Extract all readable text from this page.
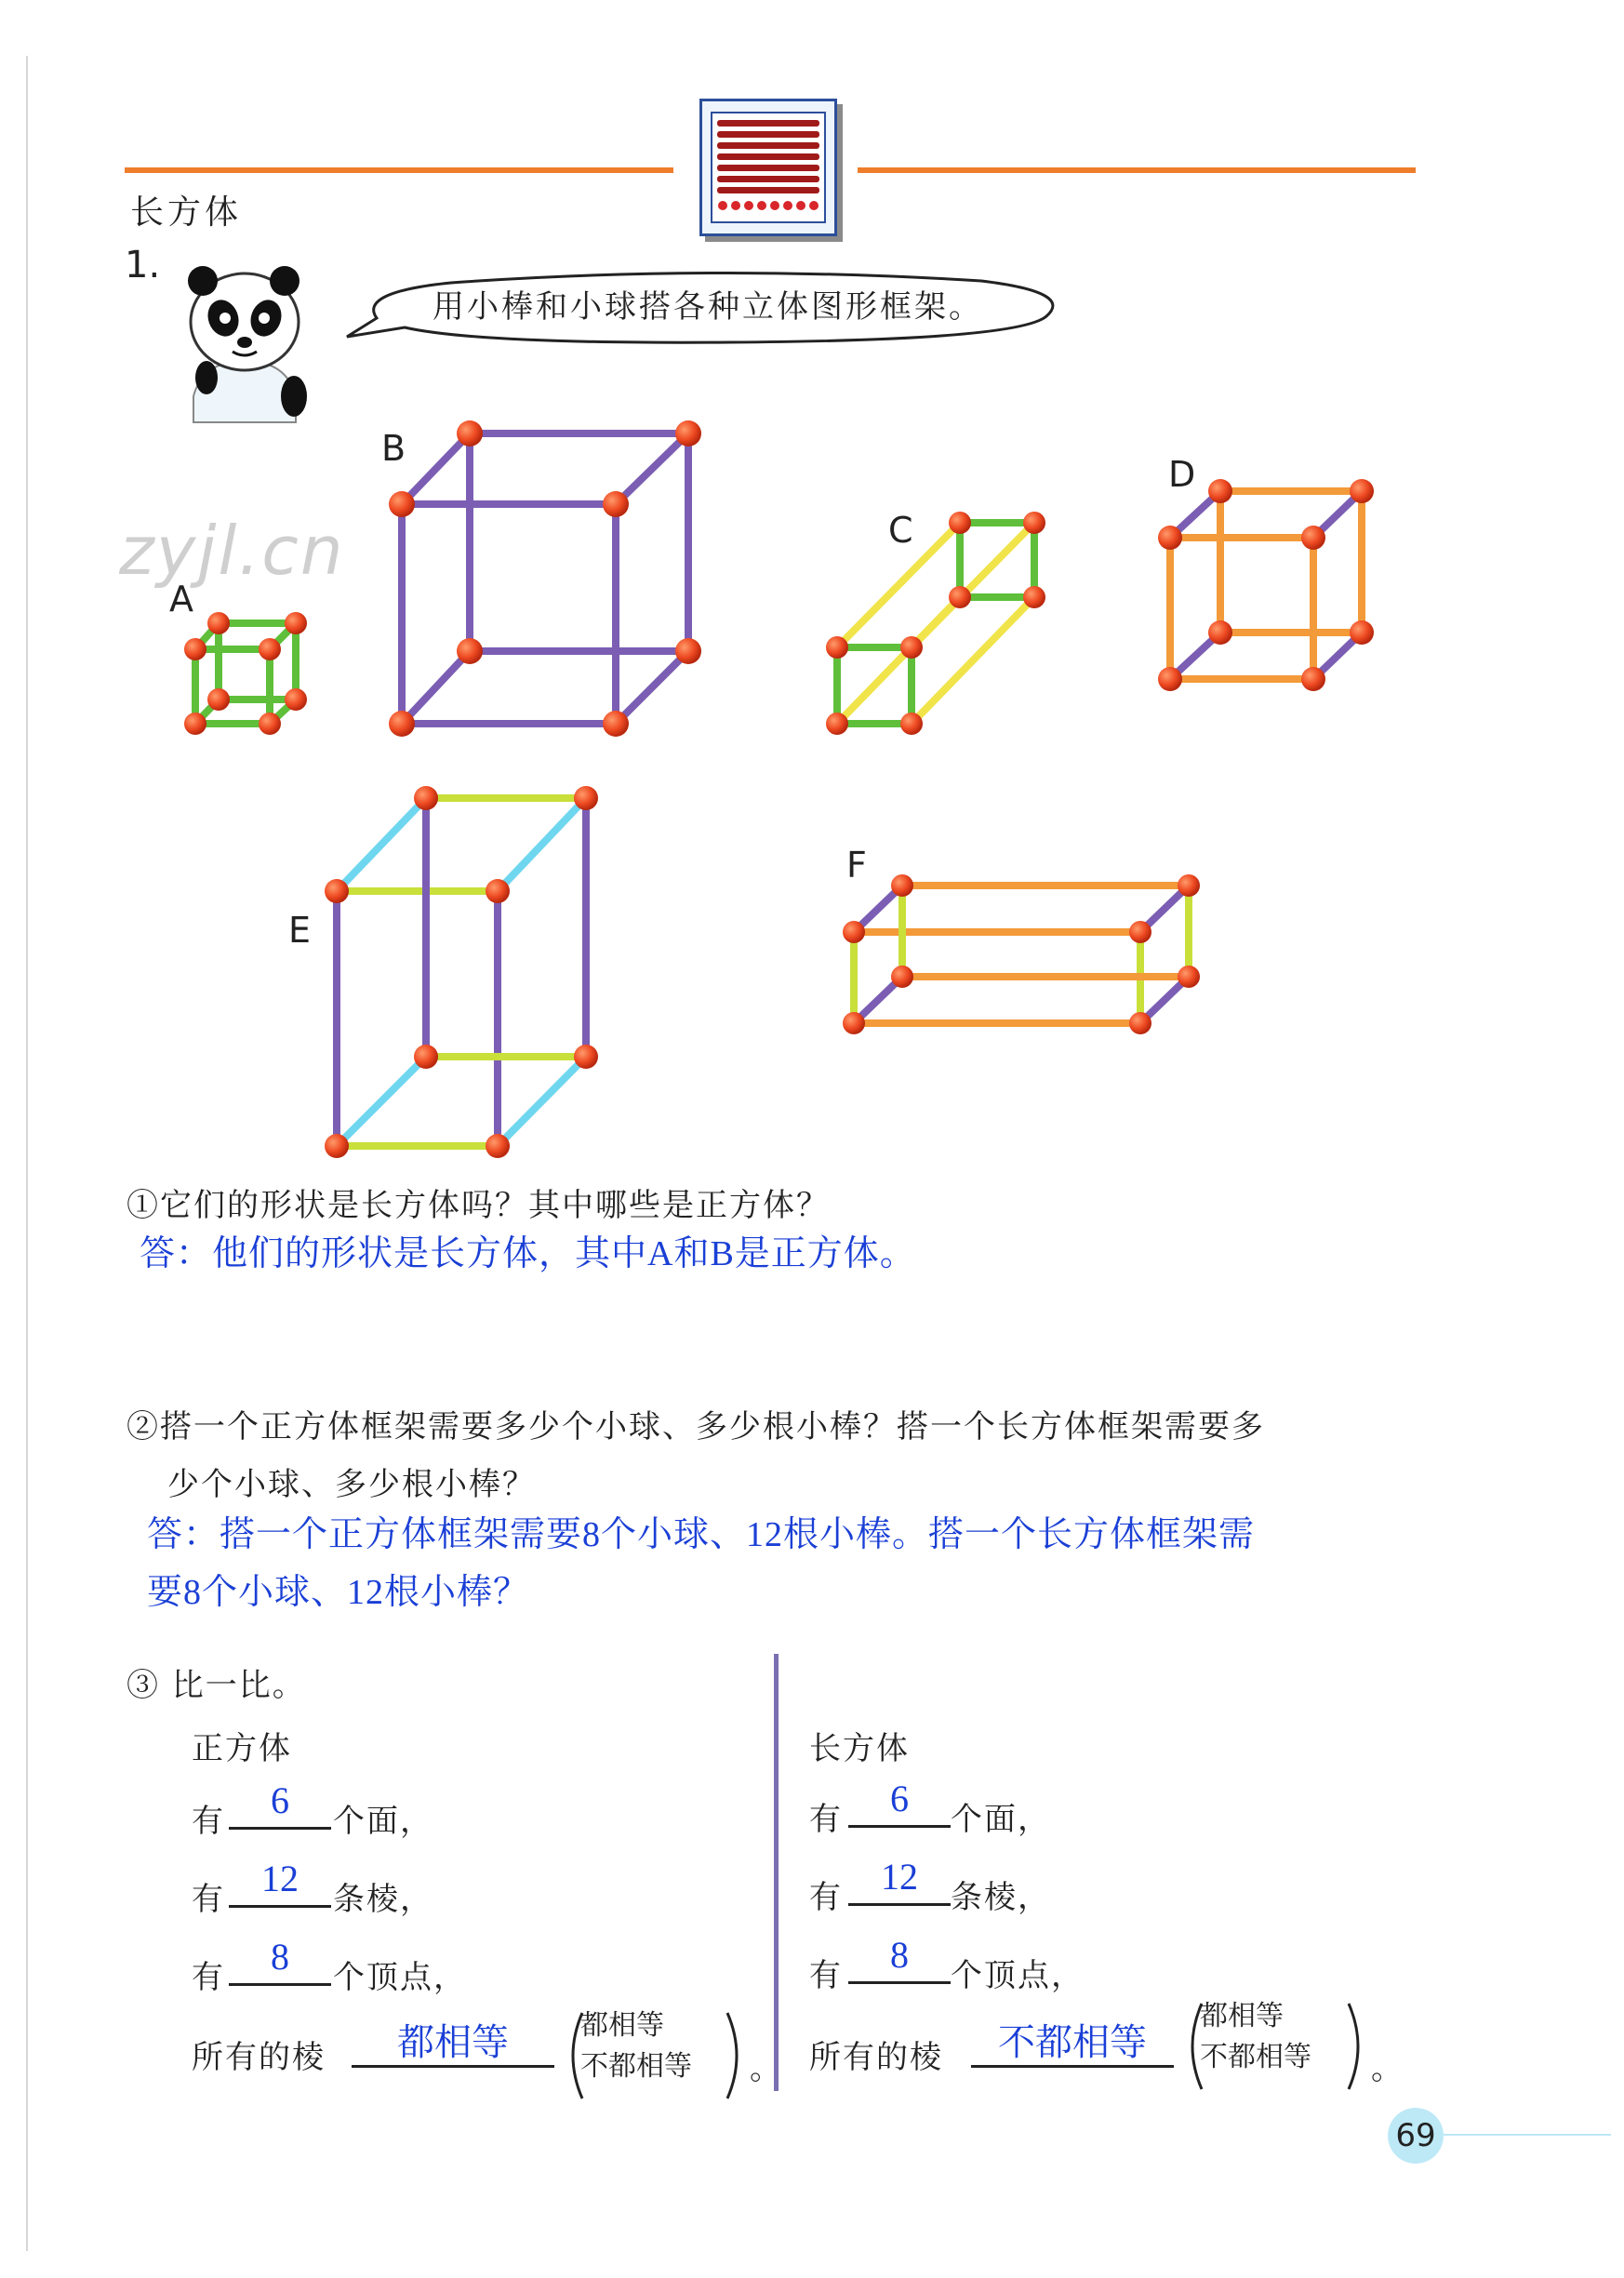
长方体
1.
用小棒和小球搭各种立体图形框架。
zyjl.cn
A
B
C
D
E
F
①它们的形状是长方体吗？其中哪些是正方体？
答：他们的形状是长方体，其中A和B是正方体。
②搭一个正方体框架需要多少个小球、多少根小棒？搭一个长方体框架需要多
少个小球、多少根小棒？
答：搭一个正方体框架需要8个小球、12根小棒。搭一个长方体框架需
要8个小球、12根小棒？
③ 比一比。
正方体
有	6	个面，
有 12	条棱，
有	8	个顶点，
所有的棱	都相等	都相等
不都相等 。
长方体
有	6	个面，
有	12	条棱，
有	8	个顶点，
所有的棱	不都相等
都相等
不都相等 。
69
